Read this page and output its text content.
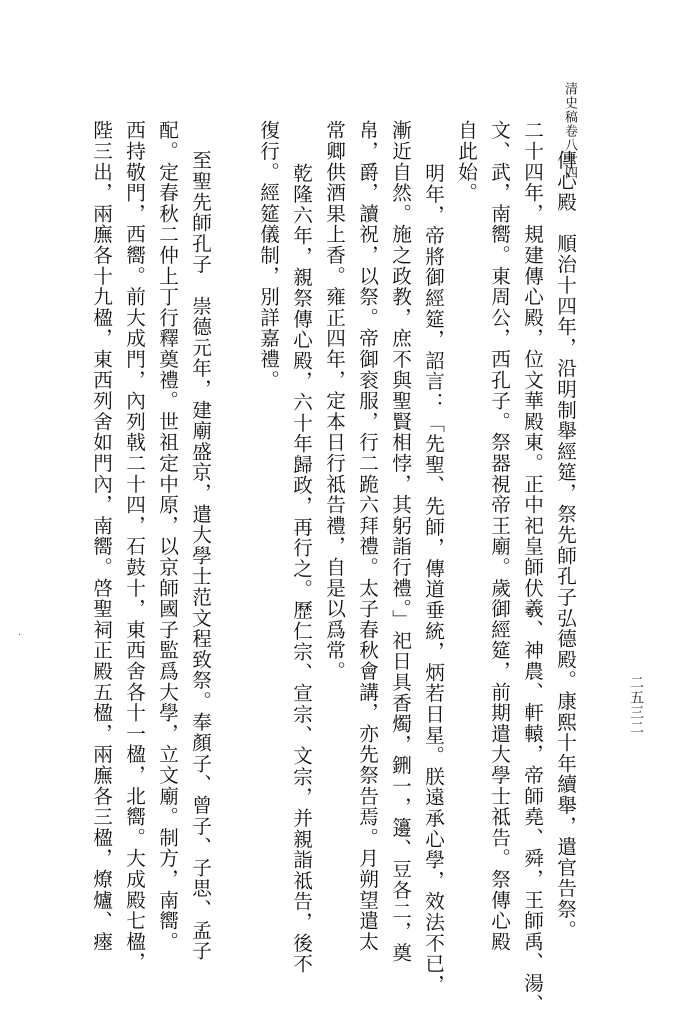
清史稿卷八十四
二五三二
傳心殿　順治十四年，沿明制舉經筵，祭先師孔子弘德殿。康熙十年續舉，遣官告祭。
二十四年，規建傳心殿，位文華殿東。正中祀皇師伏羲、神農、軒轅，帝師堯、舜，王師禹、湯、
文、武，南嚮。東周公，西孔子。祭器視帝王廟。歲御經筵，前期遣大學士祗告。祭傳心殿
自此始。
明年，帝將御經筵，詔言：「先聖、先師，傳道垂統，炳若日星。朕遠承心學，效法不已，
漸近自然。施之政教，庶不與聖賢相悖，其躬詣行禮。」祀日具香燭，鉶一，籩、豆各二，奠
帛，爵，讀祝，以祭。帝御衮服，行二跪六拜禮。太子春秋會講，亦先祭告焉。月朔望遣太
常卿供酒果上香。雍正四年，定本日行祗告禮，自是以爲常。
乾隆六年，親祭傳心殿，六十年歸政，再行之。歷仁宗、宣宗、文宗，并親詣祗告，後不
復行。經筵儀制，別詳嘉禮。
至聖先師孔子　崇德元年，建廟盛京，遣大學士范文程致祭。奉顏子、曾子、子思、孟子
配。定春秋二仲上丁行釋奠禮。世祖定中原，以京師國子監爲大學，立文廟。制方，南嚮。
西持敬門，西嚮。前大成門，內列戟二十四，石鼓十，東西舍各十一楹，北嚮。大成殿七楹，
陛三出，兩廡各十九楹，東西列舍如門內，南嚮。啓聖祠正殿五楹，兩廡各三楹，燎爐、瘞
·
